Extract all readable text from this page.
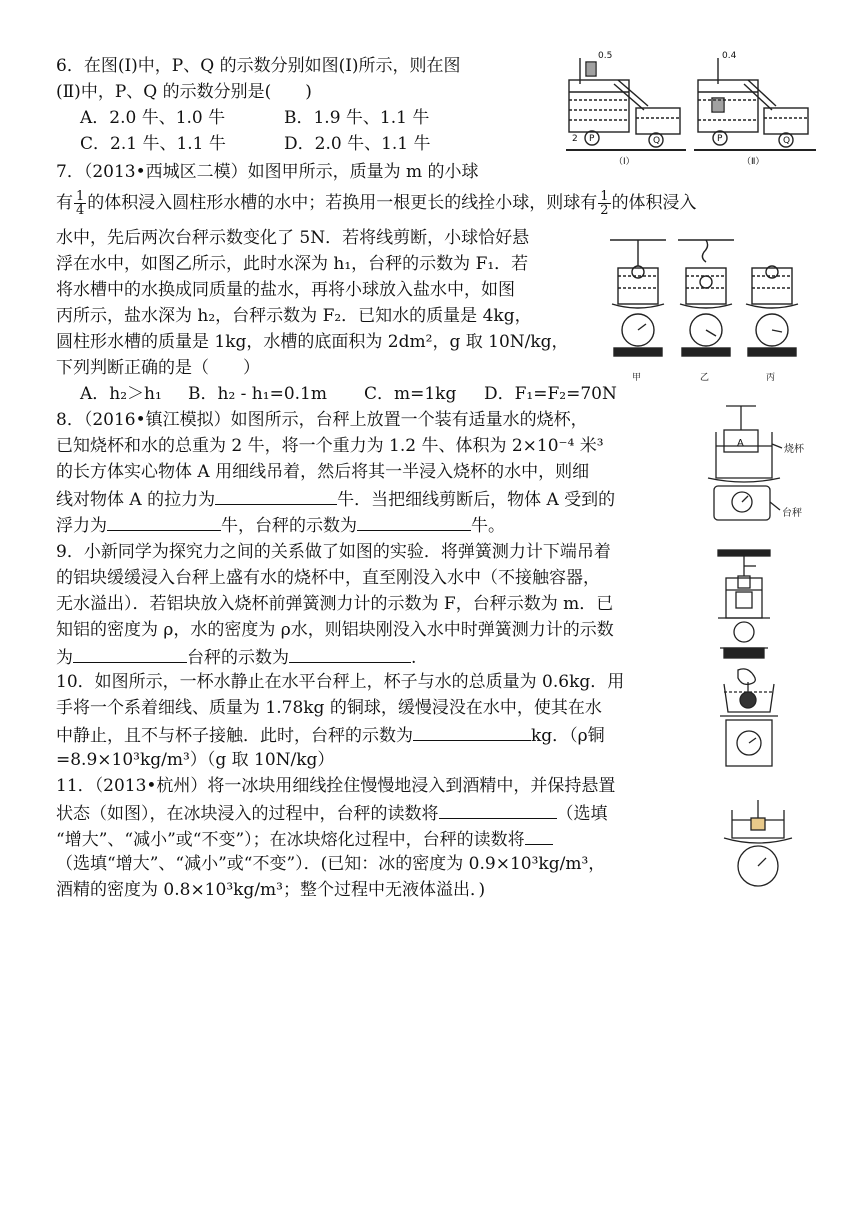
6．在图(Ⅰ)中，P、Q 的示数分别如图(Ⅰ)所示，则在图
(Ⅱ)中，P、Q 的示数分别是(　　)
A．2.0 牛、1.0 牛	B．1.9 牛、1.1 牛
C．2.1 牛、1.1 牛	D．2.0 牛、1.1 牛
0.5	0.4
2 P	Q	P	Q
（Ⅰ）	（Ⅱ）
7．（2013•西城区二模）如图甲所示，质量为 m 的小球
有 $\frac{1}{4}$ 的体积浸入圆柱形水槽的水中；若换用一根更长的线拴小球，则球有 $\frac{1}{2}$ 的体积浸入
水中，先后两次台秤示数变化了 5N．若将线剪断，小球恰好悬
浮在水中，如图乙所示，此时水深为 h₁，台秤的示数为 F₁．若
将水槽中的水换成同质量的盐水，再将小球放入盐水中，如图
丙所示，盐水深为 h₂，台秤示数为 F₂．已知水的质量是 4kg，
圆柱形水槽的质量是 1kg，水槽的底面积为 2dm²，g 取 10N/kg，
下列判断正确的是（　　）
A．h₂＞h₁ B．h₂ - h₁=0.1m C．m=1kg D．F₁=F₂=70N
甲	乙	丙
8．（2016•镇江模拟）如图所示，台秤上放置一个装有适量水的烧杯，
已知烧杯和水的总重为 2 牛，将一个重力为 1.2 牛、体积为 2×10⁻⁴ 米³
的长方体实心物体 A 用细线吊着，然后将其一半浸入烧杯的水中，则细
线对物体 A 的拉力为	牛．当把细线剪断后，物体 A 受到的
浮力为	牛，台秤的示数为	牛。
A
烧杯
台秤
9．小新同学为探究力之间的关系做了如图的实验．将弹簧测力计下端吊着
的铝块缓缓浸入台秤上盛有水的烧杯中，直至刚没入水中（不接触容器，
无水溢出）．若铝块放入烧杯前弹簧测力计的示数为 F，台秤示数为 m．已
知铝的密度为 ρ，水的密度为 ρ水，则铝块刚没入水中时弹簧测力计的示数
为	台秤的示数为	.
10．如图所示，一杯水静止在水平台秤上，杯子与水的总质量为 0.6kg．用
手将一个系着细线、质量为 1.78kg 的铜球，缓慢浸没在水中，使其在水
中静止，且不与杯子接触．此时，台秤的示数为	kg．（ρ铜
=8.9×10³kg/m³）（g 取 10N/kg）
11．（2013•杭州）将一冰块用细线拴住慢慢地浸入到酒精中，并保持悬置
状态（如图），在冰块浸入的过程中，台秤的读数将	（选填
“增大”、“减小”或“不变”）；在冰块熔化过程中，台秤的读数将
（选填“增大”、“减小”或“不变”）．(已知：冰的密度为 0.9×10³kg/m³，
酒精的密度为 0.8×10³kg/m³；整个过程中无液体溢出．)
